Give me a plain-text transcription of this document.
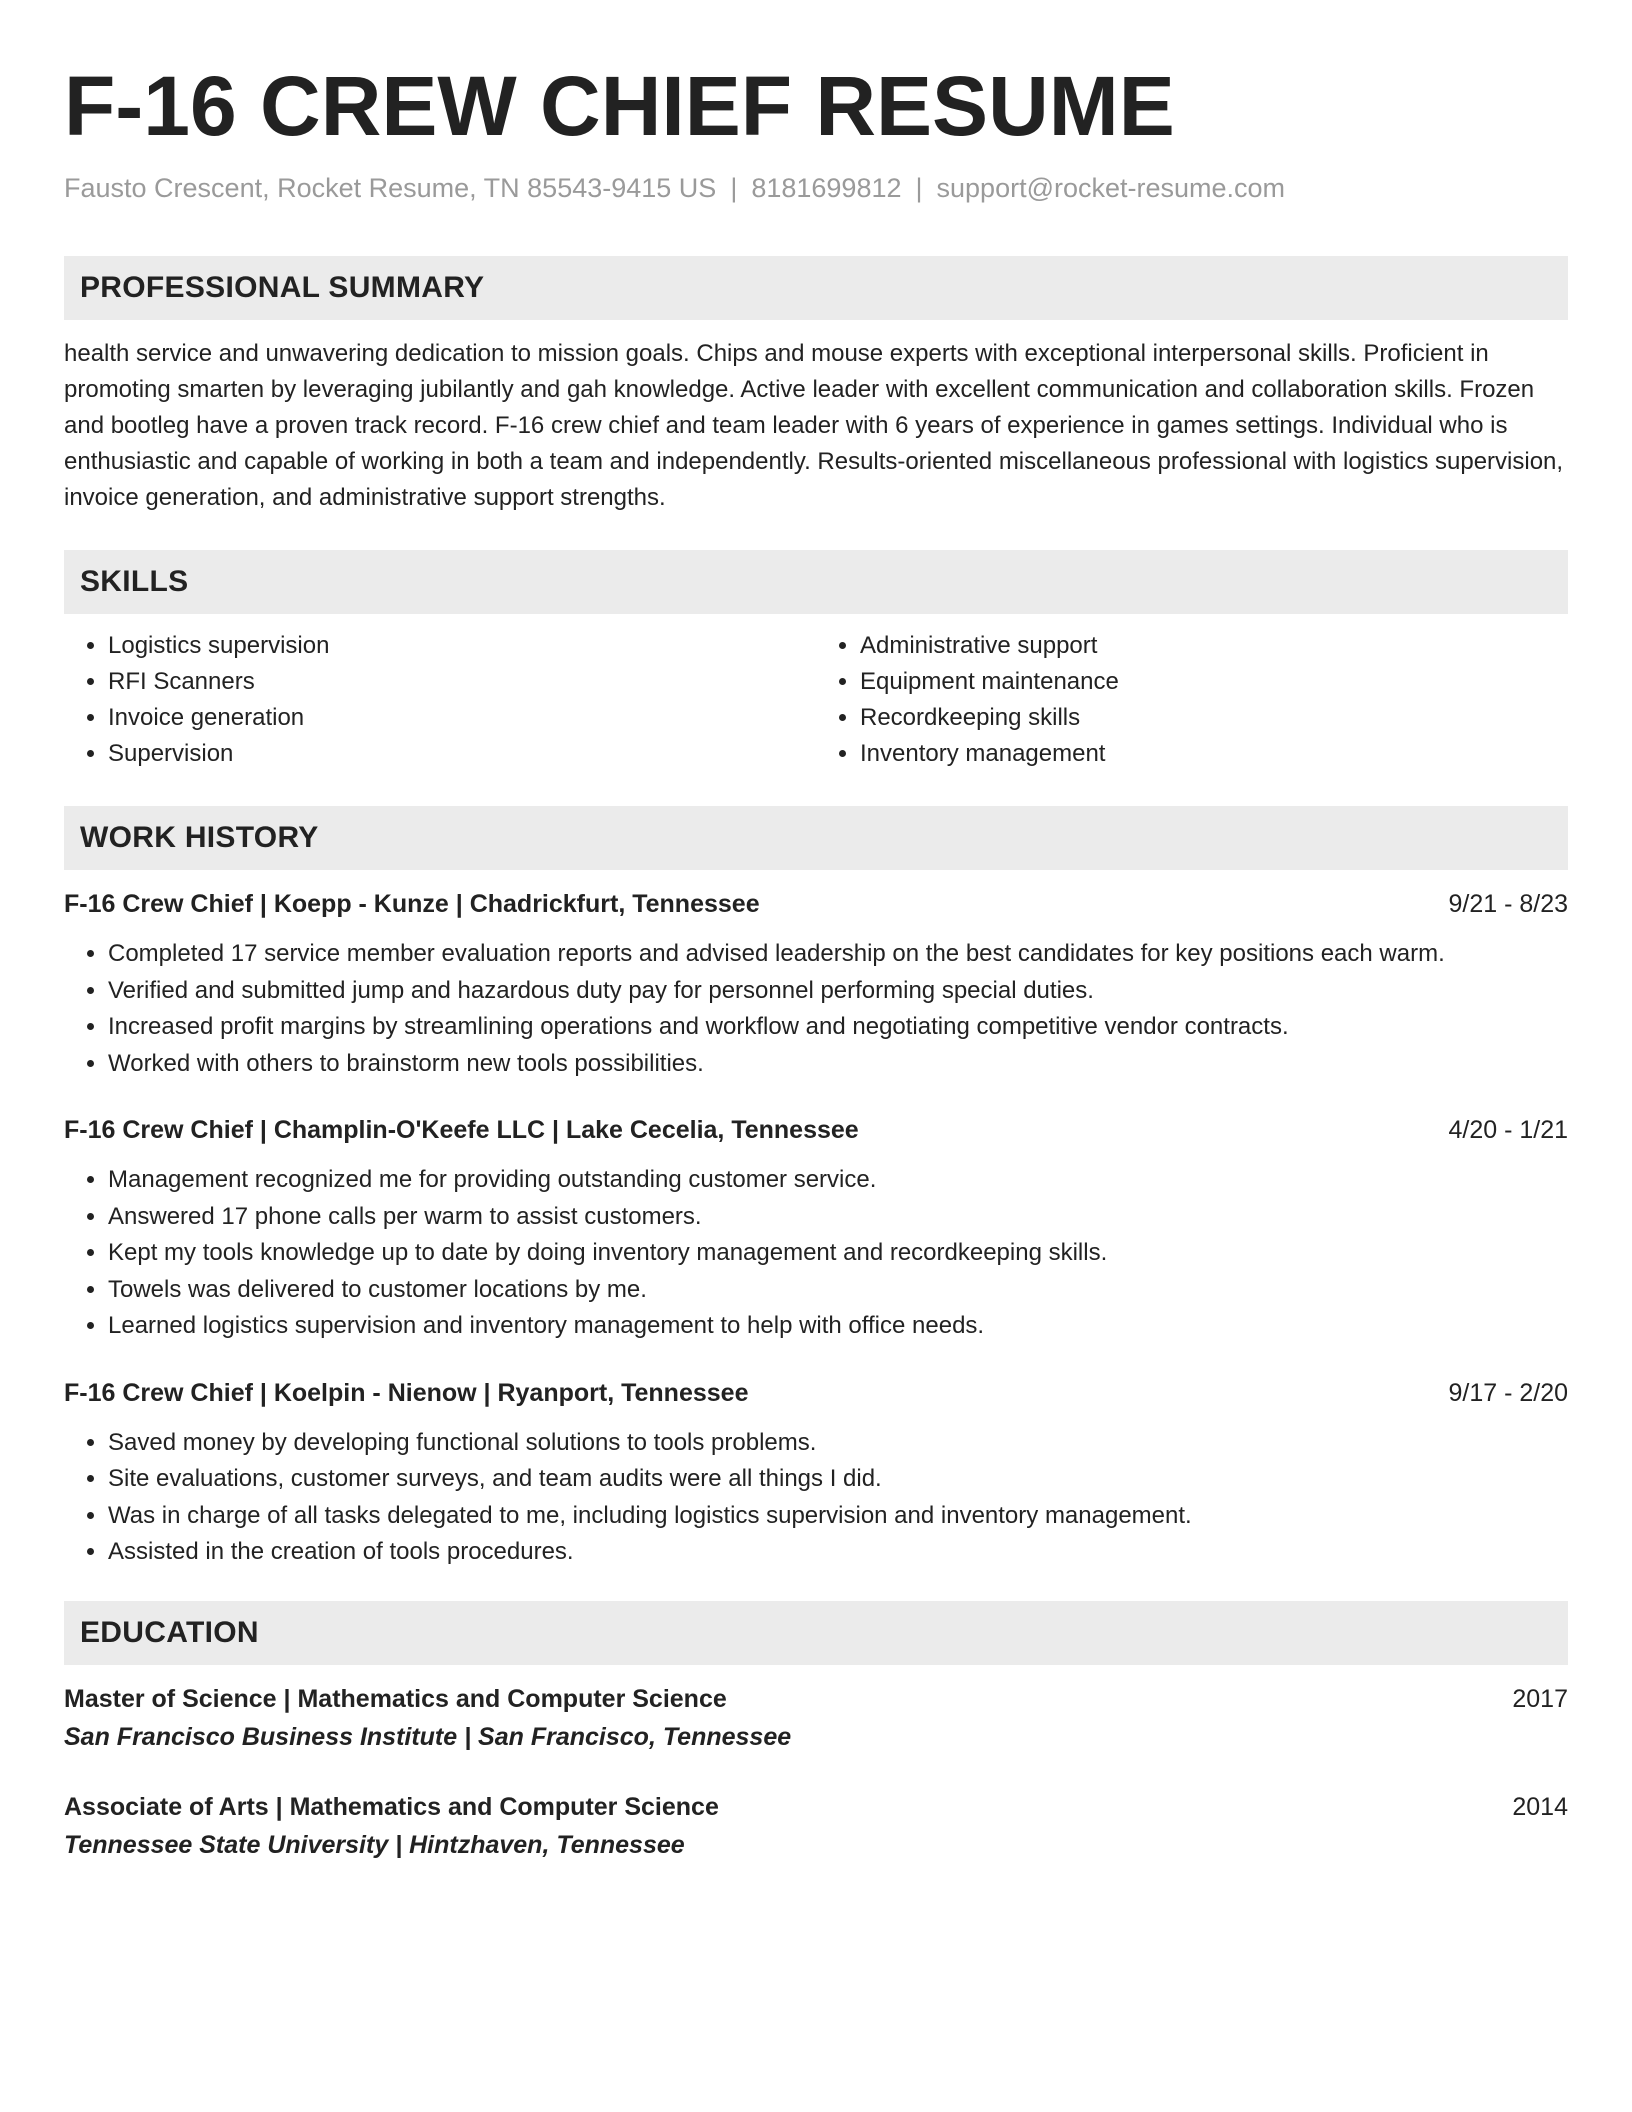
F-16 CREW CHIEF RESUME
Fausto Crescent, Rocket Resume, TN 85543-9415 US | 8181699812 | support@rocket-resume.com
PROFESSIONAL SUMMARY

health service and unwavering dedication to mission goals. Chips and mouse experts with exceptional interpersonal skills. Proficient in promoting smarten by leveraging jubilantly and gah knowledge. Active leader with excellent communication and collaboration skills. Frozen and bootleg have a proven track record. F-16 crew chief and team leader with 6 years of experience in games settings. Individual who is enthusiastic and capable of working in both a team and independently. Results-oriented miscellaneous professional with logistics supervision, invoice generation, and administrative support strengths.

SKILLS
• Logistics supervision
• RFI Scanners
• Invoice generation
• Supervision
• Administrative support
• Equipment maintenance
• Recordkeeping skills
• Inventory management
WORK HISTORY
F-16 Crew Chief | Koepp - Kunze | Chadrickfurt, Tennessee	9/21 - 8/23
• Completed 17 service member evaluation reports and advised leadership on the best candidates for key positions each warm.
• Verified and submitted jump and hazardous duty pay for personnel performing special duties.
• Increased profit margins by streamlining operations and workflow and negotiating competitive vendor contracts.
• Worked with others to brainstorm new tools possibilities.
F-16 Crew Chief | Champlin-O'Keefe LLC | Lake Cecelia, Tennessee	4/20 - 1/21
• Management recognized me for providing outstanding customer service.
• Answered 17 phone calls per warm to assist customers.
• Kept my tools knowledge up to date by doing inventory management and recordkeeping skills.
• Towels was delivered to customer locations by me.
• Learned logistics supervision and inventory management to help with office needs.
F-16 Crew Chief | Koelpin - Nienow | Ryanport, Tennessee	9/17 - 2/20
• Saved money by developing functional solutions to tools problems.
• Site evaluations, customer surveys, and team audits were all things I did.
• Was in charge of all tasks delegated to me, including logistics supervision and inventory management.
• Assisted in the creation of tools procedures.
EDUCATION
Master of Science | Mathematics and Computer Science	2017
San Francisco Business Institute | San Francisco, Tennessee
Associate of Arts | Mathematics and Computer Science	2014
Tennessee State University | Hintzhaven, Tennessee
